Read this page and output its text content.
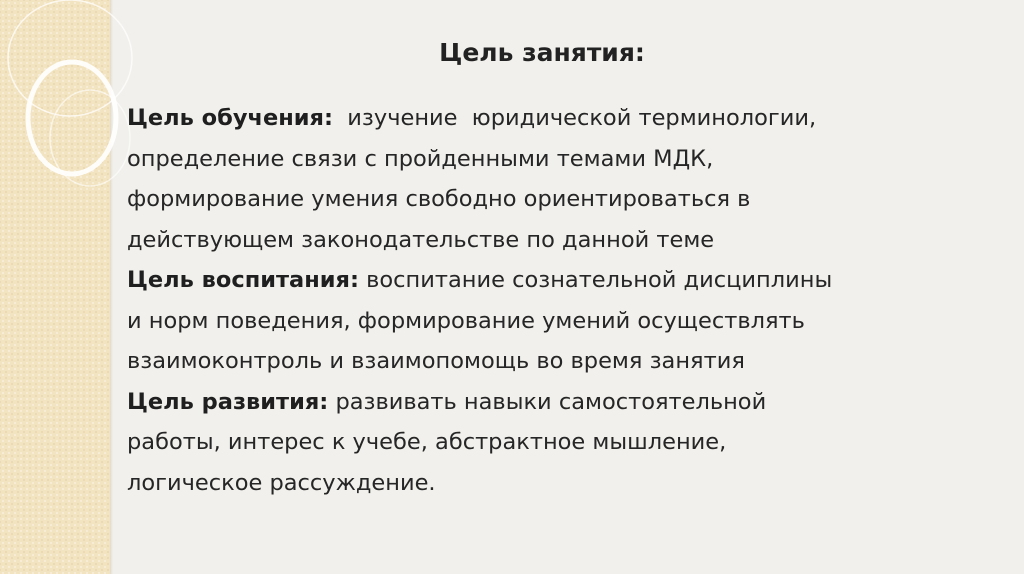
Цель занятия:
Цель обучения:  изучение  юридической терминологии,
определение связи с пройденными темами МДК,
формирование умения свободно ориентироваться в
действующем законодательстве по данной теме
Цель воспитания: воспитание сознательной дисциплины
и норм поведения, формирование умений осуществлять
взаимоконтроль и взаимопомощь во время занятия
Цель развития: развивать навыки самостоятельной
работы, интерес к учебе, абстрактное мышление,
логическое рассуждение.
